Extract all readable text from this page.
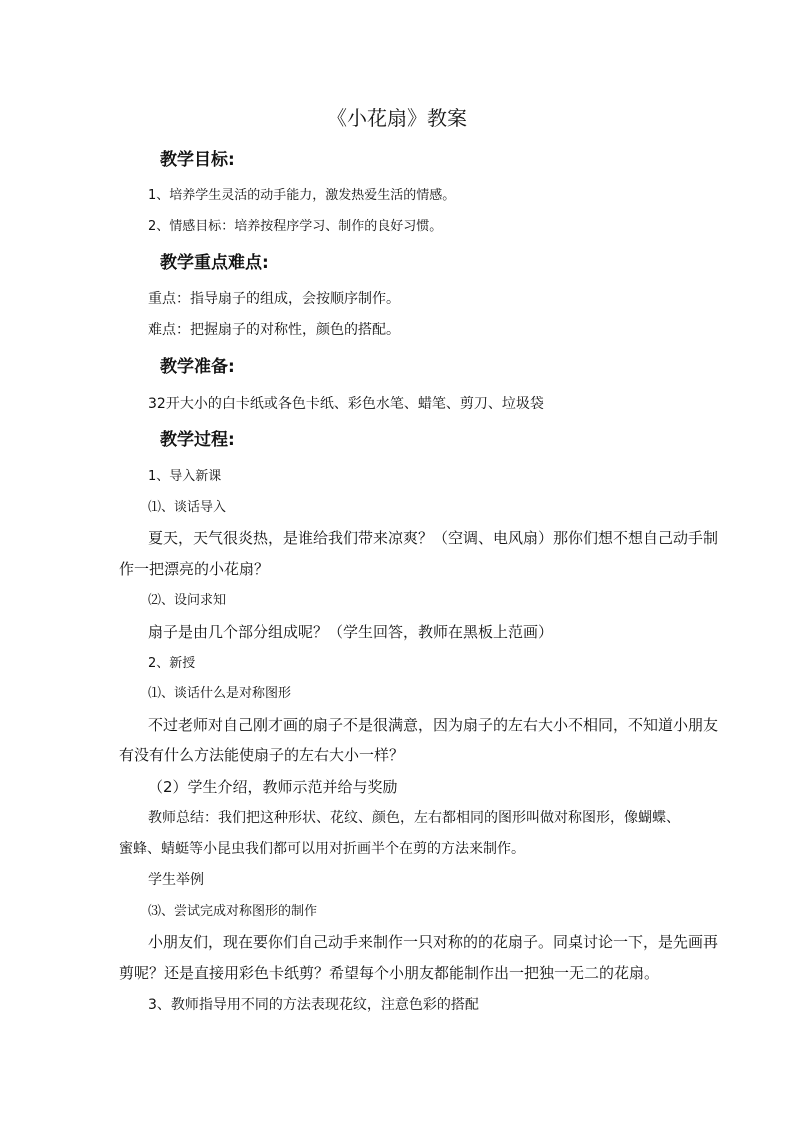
《小花扇》教案
教学目标:
1、培养学生灵活的动手能力，激发热爱生活的情感。
2、情感目标：培养按程序学习、制作的良好习惯。
教学重点难点:
重点：指导扇子的组成，会按顺序制作。
难点：把握扇子的对称性，颜色的搭配。
教学准备:
32开大小的白卡纸或各色卡纸、彩色水笔、蜡笔、剪刀、垃圾袋
教学过程:
1、导入新课
⑴、谈话导入
夏天，天气很炎热，是谁给我们带来凉爽？（空调、电风扇）那你们想不想自己动手制
作一把漂亮的小花扇？
⑵、设问求知
扇子是由几个部分组成呢？（学生回答，教师在黑板上范画）
2、新授
⑴、谈话什么是对称图形
不过老师对自己刚才画的扇子不是很满意，因为扇子的左右大小不相同，不知道小朋友
有没有什么方法能使扇子的左右大小一样？
（2）学生介绍，教师示范并给与奖励
教师总结：我们把这种形状、花纹、颜色，左右都相同的图形叫做对称图形，像蝴蝶、
蜜蜂、蜻蜓等小昆虫我们都可以用对折画半个在剪的方法来制作。
学生举例
⑶、尝试完成对称图形的制作
小朋友们，现在要你们自己动手来制作一只对称的的花扇子。同桌讨论一下，是先画再
剪呢？还是直接用彩色卡纸剪？希望每个小朋友都能制作出一把独一无二的花扇。
3、教师指导用不同的方法表现花纹，注意色彩的搭配
